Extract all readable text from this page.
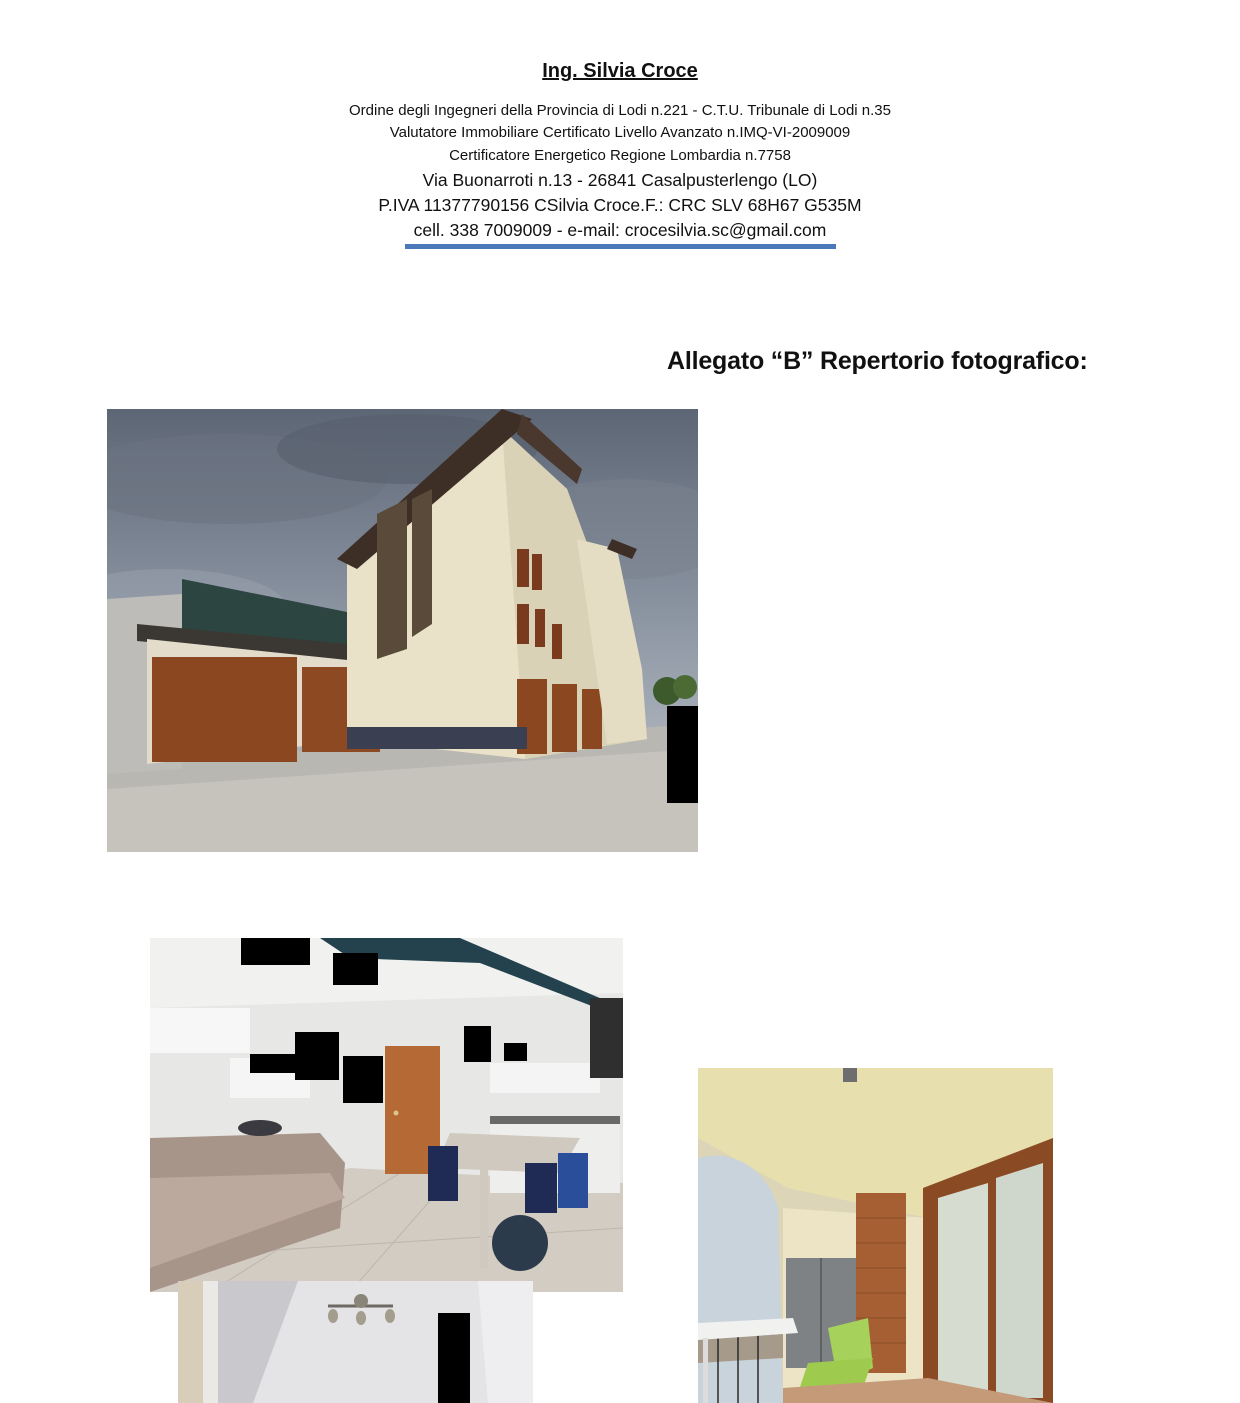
Ing. Silvia Croce
Ordine degli Ingegneri della Provincia di Lodi n.221 - C.T.U. Tribunale di Lodi n.35
Valutatore Immobiliare Certificato Livello Avanzato n.IMQ-VI-2009009
Certificatore Energetico Regione Lombardia n.7758
Via Buonarroti n.13 - 26841 Casalpusterlengo (LO)
P.IVA 11377790156 CSilvia Croce.F.: CRC SLV 68H67 G535M
cell. 338 7009009 - e-mail: crocesilvia.sc@gmail.com
Allegato “B” Repertorio fotografico:
